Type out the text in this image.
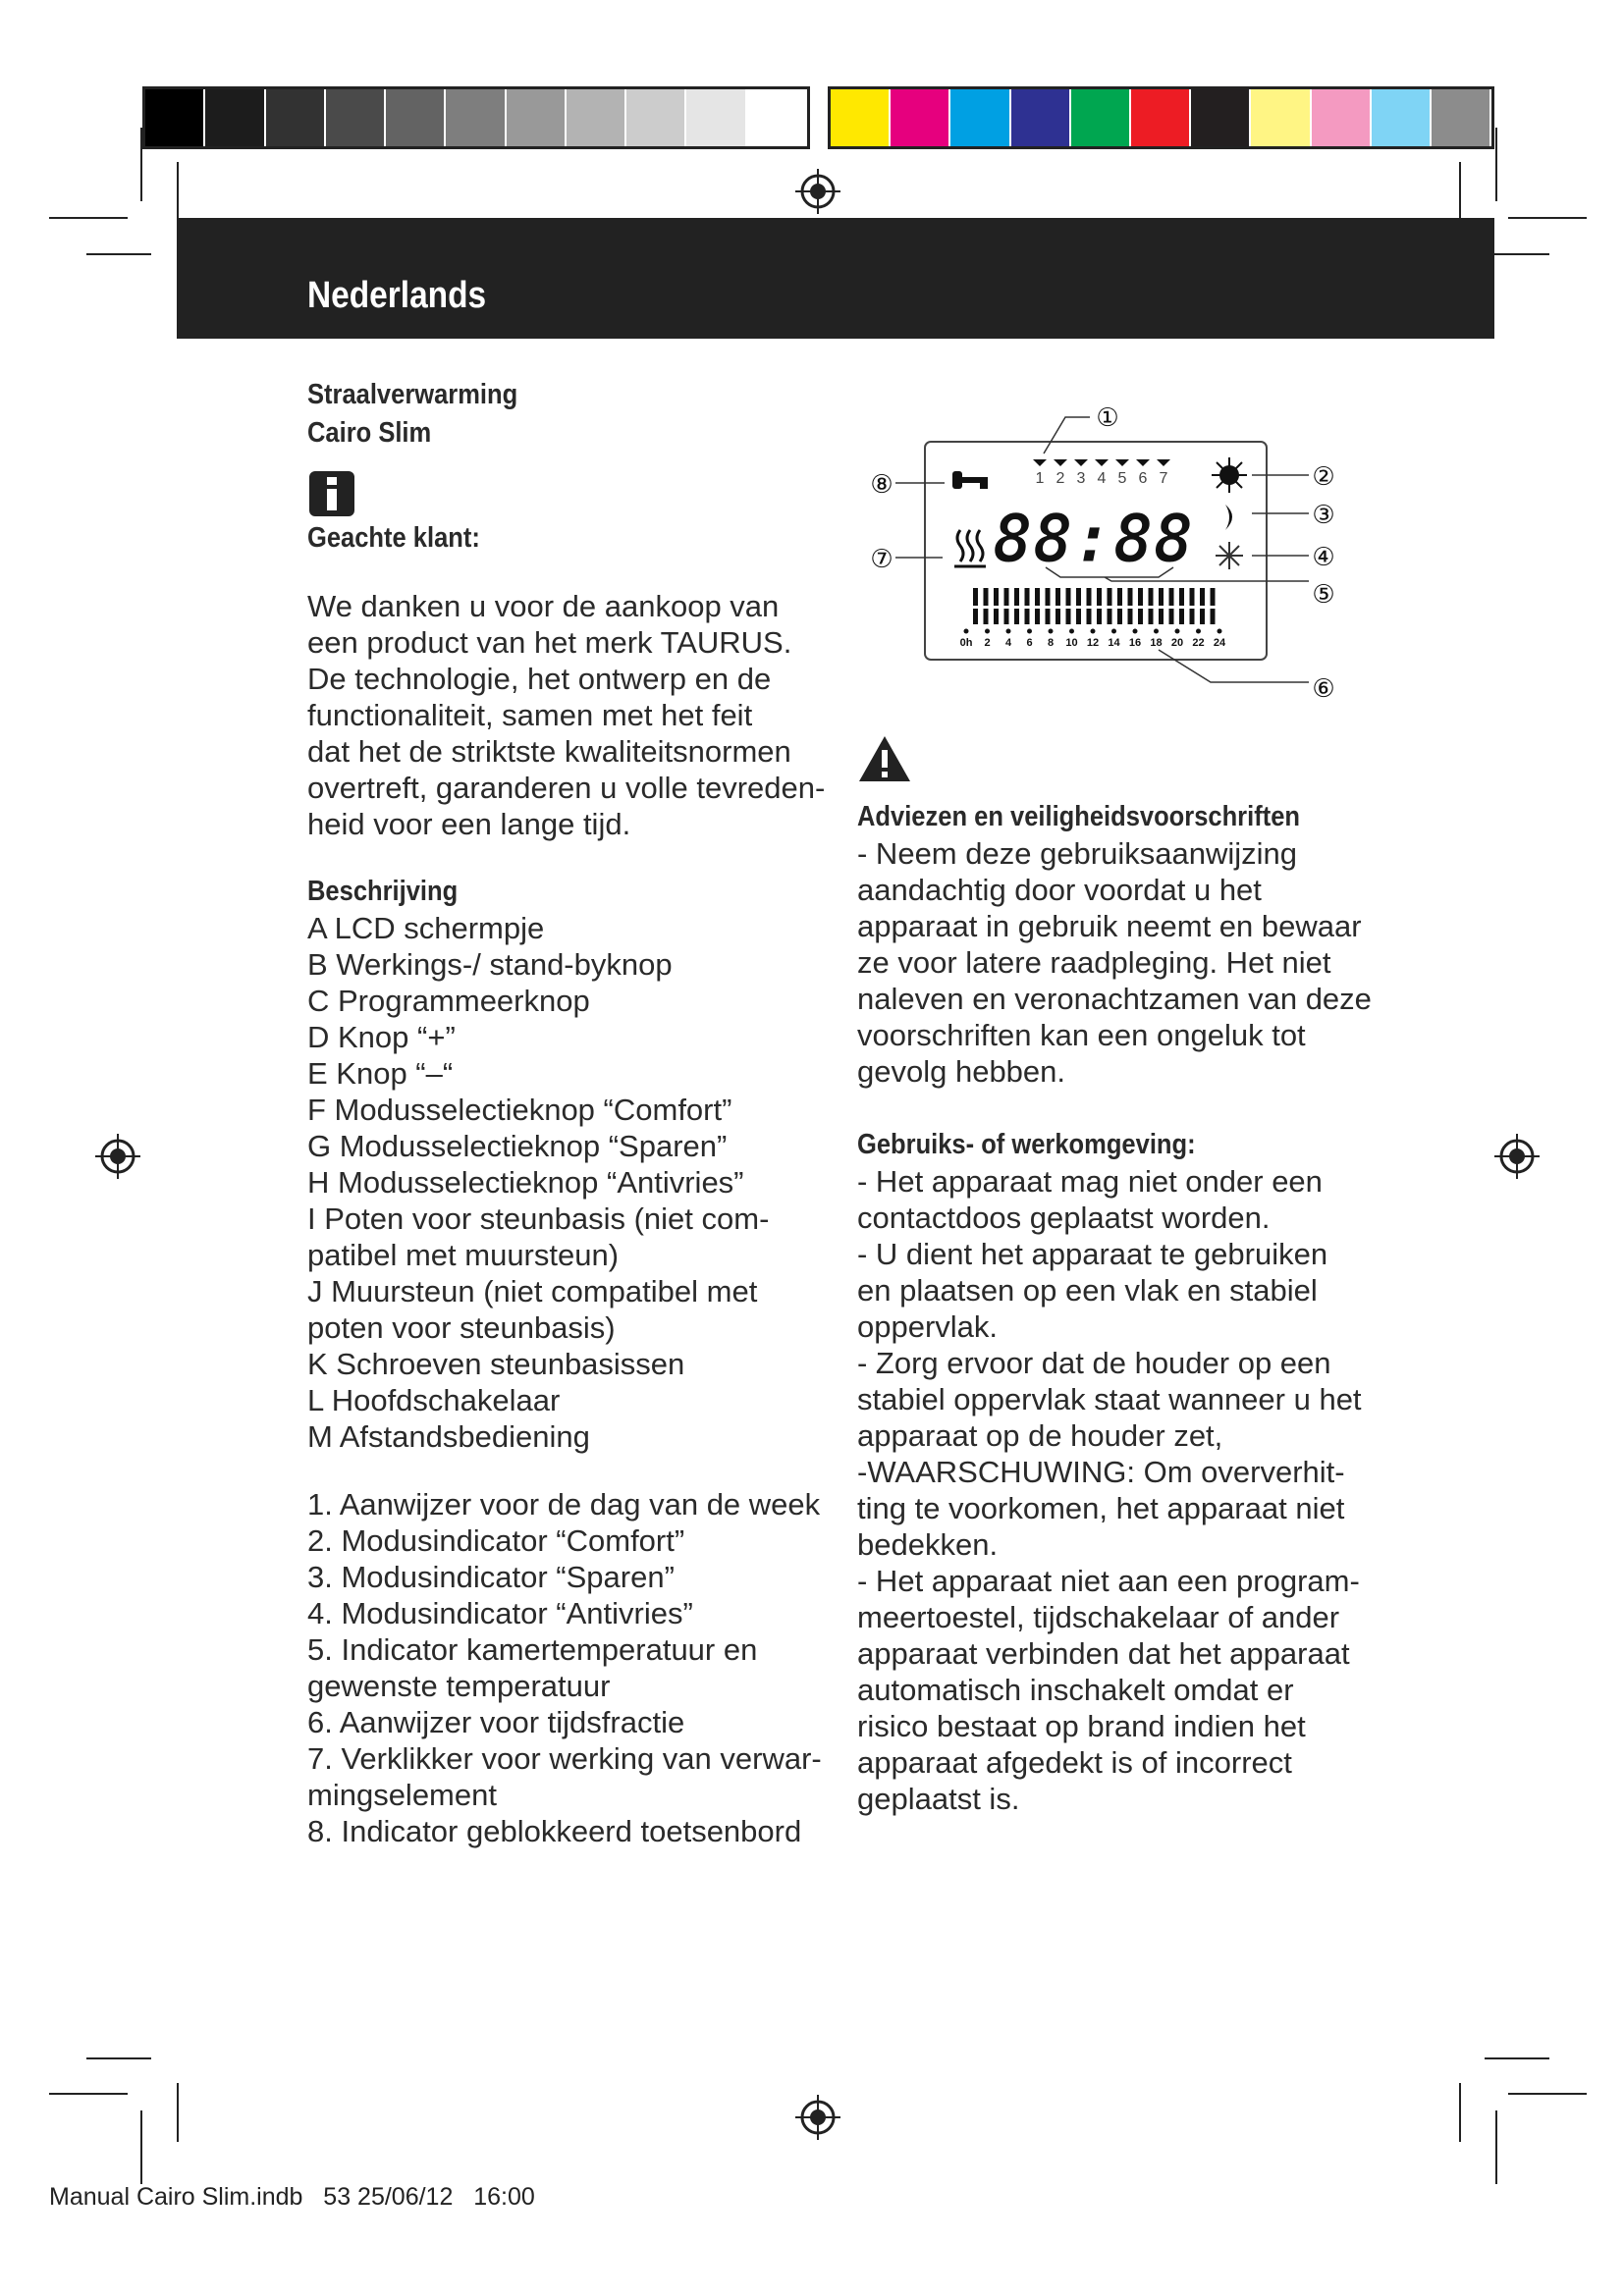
Nederlands
Straalverwarming
Cairo Slim
Geachte klant:
We danken u voor de aankoop van
een product van het merk TAURUS.
De technologie, het ontwerp en de
functionaliteit, samen met het feit
dat het de striktste kwaliteitsnormen
overtreft, garanderen u volle tevreden-
heid voor een lange tijd.
Beschrijving
A LCD schermpje
B Werkings-/ stand-byknop
C Programmeerknop
D Knop “+”
E Knop “–“
F Modusselectieknop “Comfort”
G Modusselectieknop “Sparen”
H Modusselectieknop “Antivries”
I Poten voor steunbasis (niet com-
patibel met muursteun)
J Muursteun (niet compatibel met
poten voor steunbasis)
K Schroeven steunbasissen
L Hoofdschakelaar
M Afstandsbediening
1. Aanwijzer voor de dag van de week
2. Modusindicator “Comfort”
3. Modusindicator “Sparen”
4. Modusindicator “Antivries”
5. Indicator kamertemperatuur en
gewenste temperatuur
6. Aanwijzer voor tijdsfractie
7. Verklikker voor werking van verwar-
mingselement
8. Indicator geblokkeerd toetsenbord
1 2 3 4 5 6 7
88:88
0h 2 4 6 8 10 12 14 16 18 20 22 24
①
②
③
④
⑤
⑥
⑦
⑧
Adviezen en veiligheidsvoorschriften
- Neem deze gebruiksaanwijzing
aandachtig door voordat u het
apparaat in gebruik neemt en bewaar
ze voor latere raadpleging. Het niet
naleven en veronachtzamen van deze
voorschriften kan een ongeluk tot
gevolg hebben.
Gebruiks- of werkomgeving:
- Het apparaat mag niet onder een
contactdoos geplaatst worden.
- U dient het apparaat te gebruiken
en plaatsen op een vlak en stabiel
oppervlak.
- Zorg ervoor dat de houder op een
stabiel oppervlak staat wanneer u het
apparaat op de houder zet,
-WAARSCHUWING: Om oververhit-
ting te voorkomen, het apparaat niet
bedekken.
- Het apparaat niet aan een program-
meertoestel, tijdschakelaar of ander
apparaat verbinden dat het apparaat
automatisch inschakelt omdat er
risico bestaat op brand indien het
apparaat afgedekt is of incorrect
geplaatst is.
Manual Cairo Slim.indb   53 25/06/12   16:00
